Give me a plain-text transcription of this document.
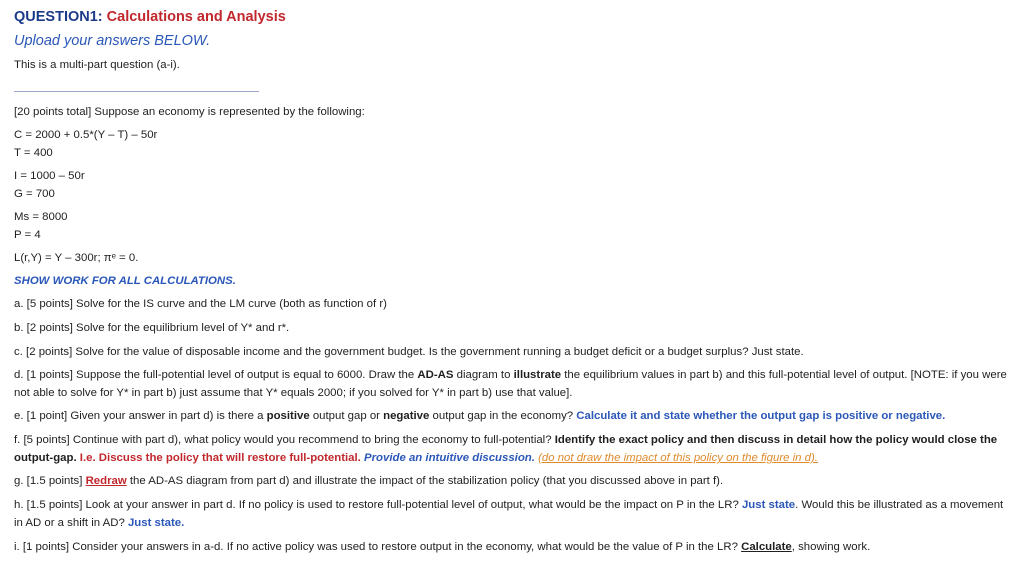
QUESTION1: Calculations and Analysis
Upload your answers BELOW.
This is a multi-part question (a-i).
[20 points total] Suppose an economy is represented by the following:
C = 2000 + 0.5*(Y – T) – 50r
T = 400
I = 1000 – 50r
G = 700
Ms = 8000
P = 4
L(r,Y) = Y – 300r; πᵉ = 0.
SHOW WORK FOR ALL CALCULATIONS.
a. [5 points] Solve for the IS curve and the LM curve (both as function of r)
b. [2 points] Solve for the equilibrium level of Y* and r*.
c. [2 points] Solve for the value of disposable income and the government budget. Is the government running a budget deficit or a budget surplus? Just state.
d. [1 points] Suppose the full-potential level of output is equal to 6000. Draw the AD-AS diagram to illustrate the equilibrium values in part b) and this full-potential level of output. [NOTE: if you were not able to solve for Y* in part b) just assume that Y* equals 2000; if you solved for Y* in part b) use that value].
e. [1 point] Given your answer in part d) is there a positive output gap or negative output gap in the economy? Calculate it and state whether the output gap is positive or negative.
f. [5 points] Continue with part d), what policy would you recommend to bring the economy to full-potential? Identify the exact policy and then discuss in detail how the policy would close the output-gap. I.e. Discuss the policy that will restore full-potential. Provide an intuitive discussion. (do not draw the impact of this policy on the figure in d).
g. [1.5 points] Redraw the AD-AS diagram from part d) and illustrate the impact of the stabilization policy (that you discussed above in part f).
h. [1.5 points] Look at your answer in part d. If no policy is used to restore full-potential level of output, what would be the impact on P in the LR? Just state. Would this be illustrated as a movement in AD or a shift in AD? Just state.
i. [1 points] Consider your answers in a-d. If no active policy was used to restore output in the economy, what would be the value of P in the LR? Calculate, showing work.
